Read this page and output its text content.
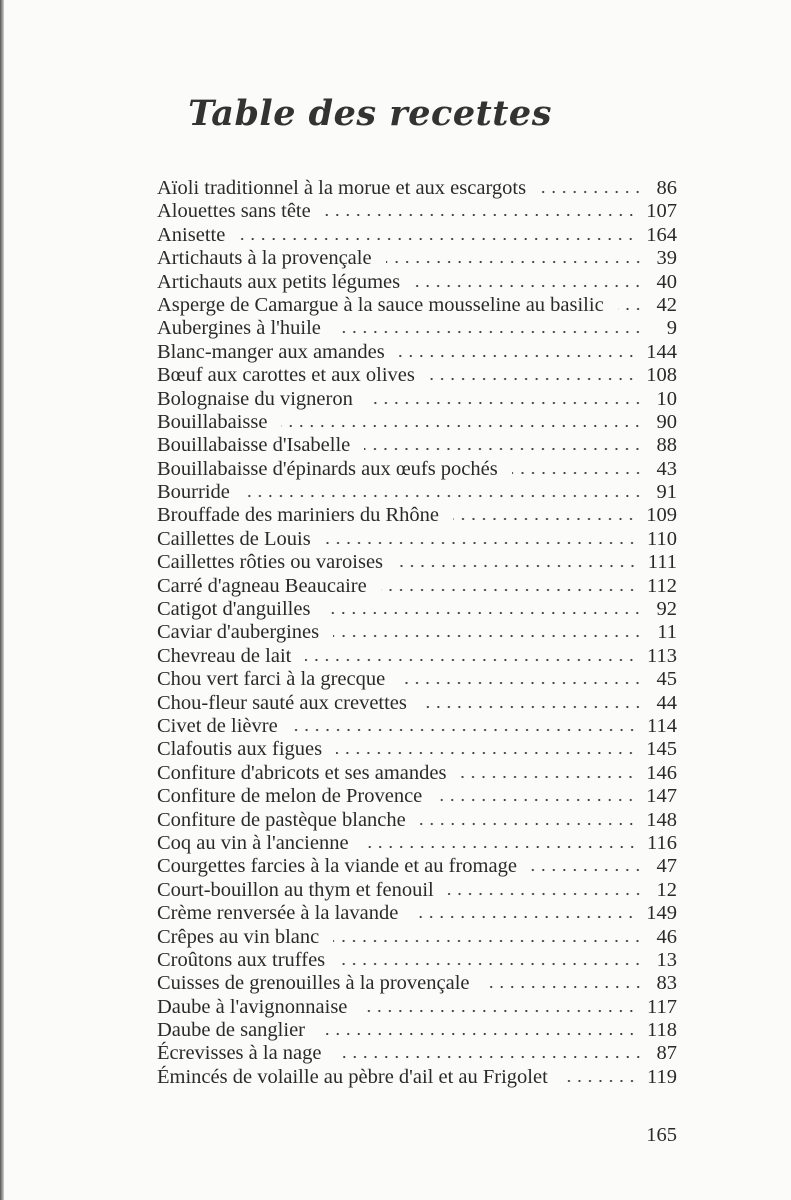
Table des recettes
Aïoli traditionnel à la morue et aux escargots	86
Alouettes sans tête	107
Anisette	164
Artichauts à la provençale	39
Artichauts aux petits légumes	40
Asperge de Camargue à la sauce mousseline au basilic	42
Aubergines à l'huile	9
Blanc-manger aux amandes	144
Bœuf aux carottes et aux olives	108
Bolognaise du vigneron	10
Bouillabaisse	90
Bouillabaisse d'Isabelle	88
Bouillabaisse d'épinards aux œufs pochés	43
Bourride	91
Brouffade des mariniers du Rhône	109
Caillettes de Louis	110
Caillettes rôties ou varoises	111
Carré d'agneau Beaucaire	112
Catigot d'anguilles	92
Caviar d'aubergines	11
Chevreau de lait	113
Chou vert farci à la grecque	45
Chou-fleur sauté aux crevettes	44
Civet de lièvre	114
Clafoutis aux figues	145
Confiture d'abricots et ses amandes	146
Confiture de melon de Provence	147
Confiture de pastèque blanche	148
Coq au vin à l'ancienne	116
Courgettes farcies à la viande et au fromage	47
Court-bouillon au thym et fenouil	12
Crème renversée à la lavande	149
Crêpes au vin blanc	46
Croûtons aux truffes	13
Cuisses de grenouilles à la provençale	83
Daube à l'avignonnaise	117
Daube de sanglier	118
Écrevisses à la nage	87
Émincés de volaille au pèbre d'ail et au Frigolet	119
165
